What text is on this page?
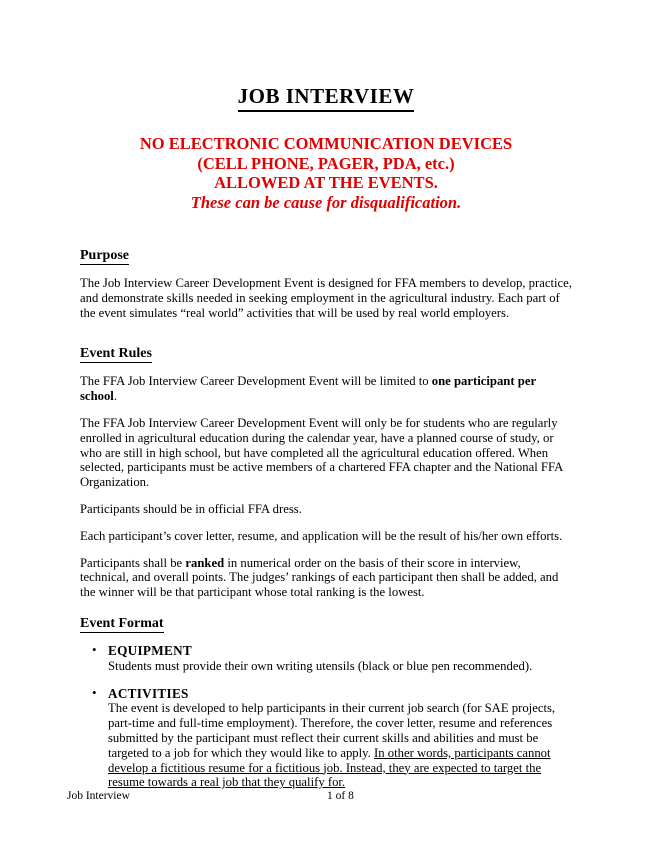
JOB INTERVIEW
NO ELECTRONIC COMMUNICATION DEVICES
(CELL PHONE, PAGER, PDA, etc.)
ALLOWED AT THE EVENTS.
These can be cause for disqualification.
Purpose

The Job Interview Career Development Event is designed for FFA members to develop, practice, and demonstrate skills needed in seeking employment in the agricultural industry. Each part of the event simulates “real world” activities that will be used by real world employers.

Event Rules

The FFA Job Interview Career Development Event will be limited to one participant per school.

The FFA Job Interview Career Development Event will only be for students who are regularly enrolled in agricultural education during the calendar year, have a planned course of study, or who are still in high school, but have completed all the agricultural education offered. When selected, participants must be active members of a chartered FFA chapter and the National FFA Organization.

Participants should be in official FFA dress.

Each participant’s cover letter, resume, and application will be the result of his/her own efforts.

Participants shall be ranked in numerical order on the basis of their score in interview, technical, and overall points. The judges’ rankings of each participant then shall be added, and the winner will be that participant whose total ranking is the lowest.

Event Format
• EQUIPMENT
Students must provide their own writing utensils (black or blue pen recommended).
• ACTIVITIES
The event is developed to help participants in their current job search (for SAE projects, part-time and full-time employment). Therefore, the cover letter, resume and references submitted by the participant must reflect their current skills and abilities and must be targeted to a job for which they would like to apply. In other words, participants cannot develop a fictitious resume for a fictitious job. Instead, they are expected to target the resume towards a real job that they qualify for.
Job Interview	1 of 8
